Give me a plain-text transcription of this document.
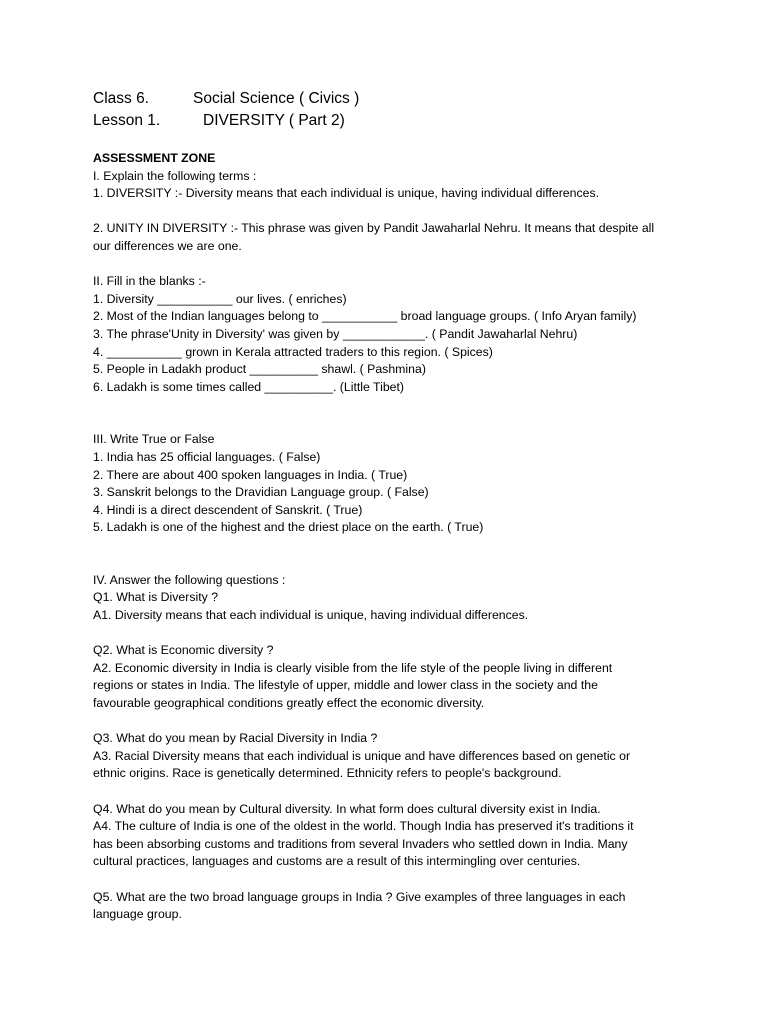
Class 6.	Social Science ( Civics )
Lesson 1.	DIVERSITY ( Part 2)
ASSESSMENT ZONE
I. Explain the following terms :
1. DIVERSITY :- Diversity means that each individual is unique, having individual differences.
2. UNITY IN DIVERSITY :- This phrase was given by Pandit Jawaharlal Nehru. It means that despite all
our differences we are one.
II. Fill in the blanks :-
1. Diversity ___________ our lives. ( enriches)
2. Most of the Indian languages belong to ___________ broad language groups. ( Info Aryan family)
3. The phrase'Unity in Diversity' was given by ____________. ( Pandit Jawaharlal Nehru)
4. ___________ grown in Kerala attracted traders to this region. ( Spices)
5. People in Ladakh product __________ shawl. ( Pashmina)
6. Ladakh is some times called __________. (Little Tibet)
III. Write True or False
1. India has 25 official languages. ( False)
2. There are about 400 spoken languages in India. ( True)
3. Sanskrit belongs to the Dravidian Language group. ( False)
4. Hindi is a direct descendent of Sanskrit. ( True)
5. Ladakh is one of the highest and the driest place on the earth. ( True)
IV. Answer the following questions :
Q1. What is Diversity ?
A1. Diversity means that each individual is unique, having individual differences.
Q2. What is Economic diversity ?
A2. Economic diversity in India is clearly visible from the life style of the people living in different
regions or states in India. The lifestyle of upper, middle and lower class in the society and the
favourable geographical conditions greatly effect the economic diversity.
Q3. What do you mean by Racial Diversity in India ?
A3. Racial Diversity means that each individual is unique and have differences based on genetic or
ethnic origins. Race is genetically determined. Ethnicity refers to people's background.
Q4. What do you mean by Cultural diversity. In what form does cultural diversity exist in India.
A4. The culture of India is one of the oldest in the world. Though India has preserved it's traditions it
has been absorbing customs and traditions from several Invaders who settled down in India. Many
cultural practices, languages and customs are a result of this intermingling over centuries.
Q5. What are the two broad language groups in India ? Give examples of three languages in each
language group.
